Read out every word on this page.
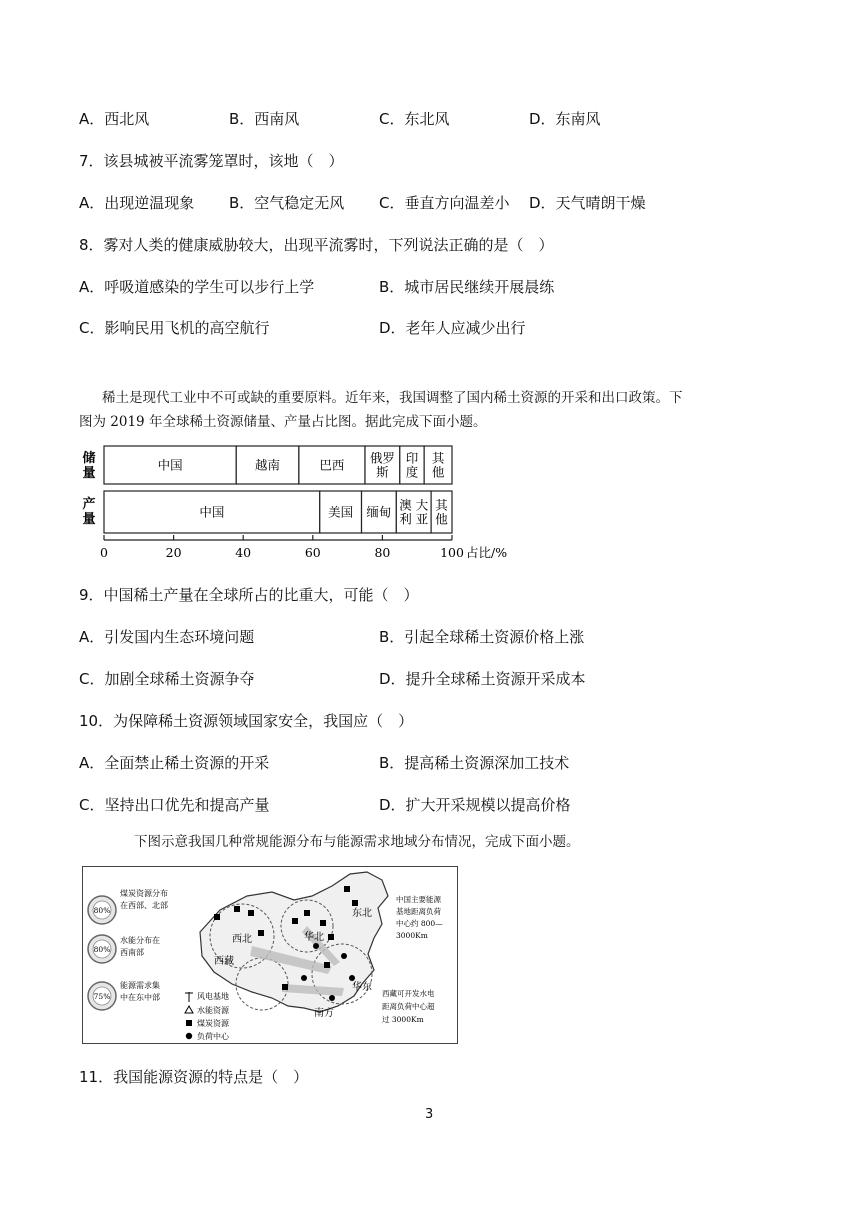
A．西北风	B．西南风	C．东北风	D．东南风
7．该县城被平流雾笼罩时，该地（　）
A．出现逆温现象 B．空气稳定无风 C．垂直方向温差小 D．天气晴朗干燥
8．雾对人类的健康威胁较大，出现平流雾时，下列说法正确的是（　）
A．呼吸道感染的学生可以步行上学	B．城市居民继续开展晨练
C．影响民用飞机的高空航行	D．老年人应减少出行
稀土是现代工业中不可或缺的重要原料。近年来，我国调整了国内稀土资源的开采和出口政策。下
图为 2019 年全球稀土资源储量、产量占比图。据此完成下面小题。
储
量
产
量
中国	越南	巴西 俄罗
斯
印
度
其
他
中国	美国 缅甸 澳 大
利 亚
其
他
0	20	40	60	80	100 占比/%
9．中国稀土产量在全球所占的比重大，可能（　）
A．引发国内生态环境问题	B．引起全球稀土资源价格上涨
C．加剧全球稀土资源争夺	D．提升全球稀土资源开采成本
10．为保障稀土资源领域国家安全，我国应（　）
A．全面禁止稀土资源的开采	B．提高稀土资源深加工技术
C．坚持出口优先和提高产量	D．扩大开采规模以提高价格
下图示意我国几种常规能源分布与能源需求地域分布情况，完成下面小题。
80%
煤炭资源分布
在西部、北部
80%
水能分布在
西南部
75%
能源需求集
中在东中部
东北
西北
西藏
华北
南方
华东
风电基地
水能资源
煤炭资源
负荷中心
中国主要能源
基地距离负荷
中心约 800—
3000Km
西藏可开发水电
距离负荷中心超
过 3000Km
11．我国能源资源的特点是（　）
3
